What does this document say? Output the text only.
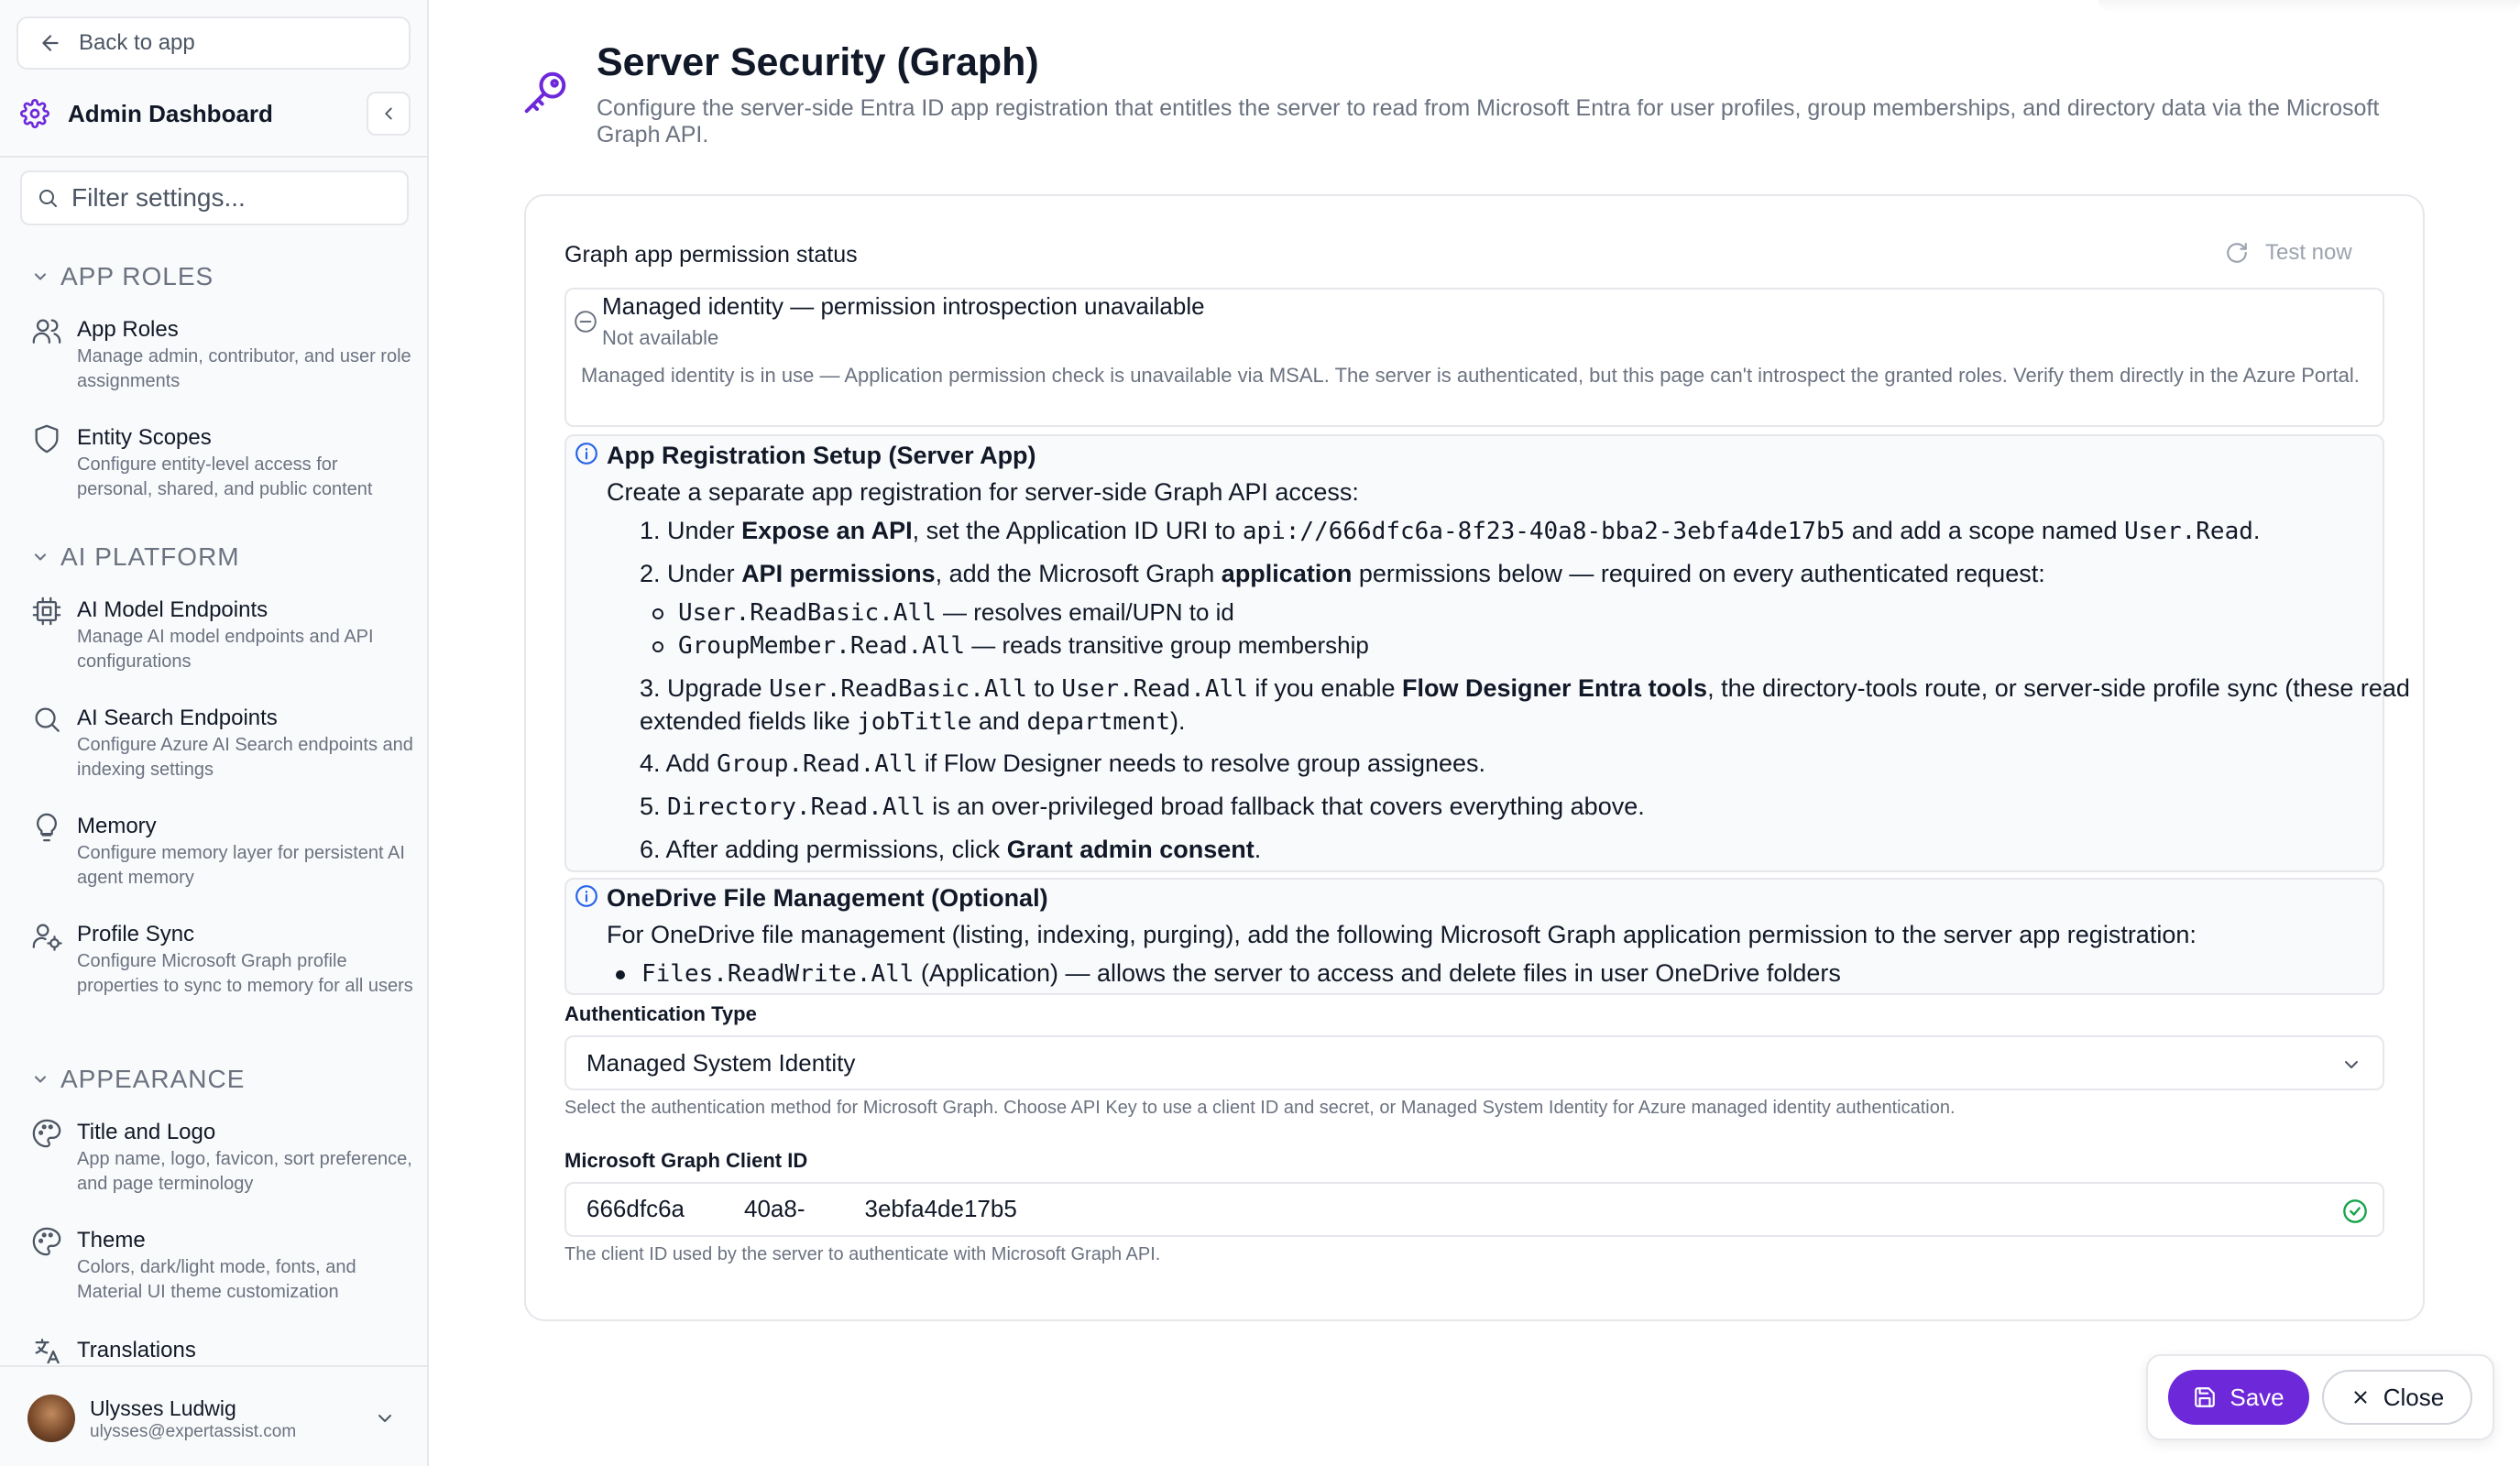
Back to app
Admin Dashboard
Filter settings...
APP ROLES
App Roles
Manage admin, contributor, and user role assignments
Entity Scopes
Configure entity-level access for personal, shared, and public content
AI PLATFORM
AI Model Endpoints
Manage AI model endpoints and API configurations
AI Search Endpoints
Configure Azure AI Search endpoints and indexing settings
Memory
Configure memory layer for persistent AI agent memory
Profile Sync
Configure Microsoft Graph profile properties to sync to memory for all users
APPEARANCE
Title and Logo
App name, logo, favicon, sort preference, and page terminology
Theme
Colors, dark/light mode, fonts, and Material UI theme customization
Translations
Ulysses Ludwig
ulysses@expertassist.com
Server Security (Graph)
Configure the server-side Entra ID app registration that entitles the server to read from Microsoft Entra for user profiles, group memberships, and directory data via the Microsoft Graph API.
Graph app permission status	Test now
Managed identity — permission introspection unavailable
Not available
Managed identity is in use — Application permission check is unavailable via MSAL. The server is authenticated, but this page can't introspect the granted roles. Verify them directly in the Azure Portal.
App Registration Setup (Server App)
Create a separate app registration for server-side Graph API access:
1. Under Expose an API, set the Application ID URI to api://666dfc6a-8f23-40a8-bba2-3ebfa4de17b5 and add a scope named User.Read.
2. Under API permissions, add the Microsoft Graph application permissions below — required on every authenticated request:
User.ReadBasic.All — resolves email/UPN to id
GroupMember.Read.All — reads transitive group membership
3. Upgrade User.ReadBasic.All to User.Read.All if you enable Flow Designer Entra tools, the directory-tools route, or server-side profile sync (these read
extended fields like jobTitle and department).
4. Add Group.Read.All if Flow Designer needs to resolve group assignees.
5. Directory.Read.All is an over-privileged broad fallback that covers everything above.
6. After adding permissions, click Grant admin consent.
OneDrive File Management (Optional)
For OneDrive file management (listing, indexing, purging), add the following Microsoft Graph application permission to the server app registration:
Files.ReadWrite.All (Application) — allows the server to access and delete files in user OneDrive folders
Authentication Type
Managed System Identity
Select the authentication method for Microsoft Graph. Choose API Key to use a client ID and secret, or Managed System Identity for Azure managed identity authentication.
Microsoft Graph Client ID
666dfc6a 40a8- 3ebfa4de17b5
The client ID used by the server to authenticate with Microsoft Graph API.
Save	Close
